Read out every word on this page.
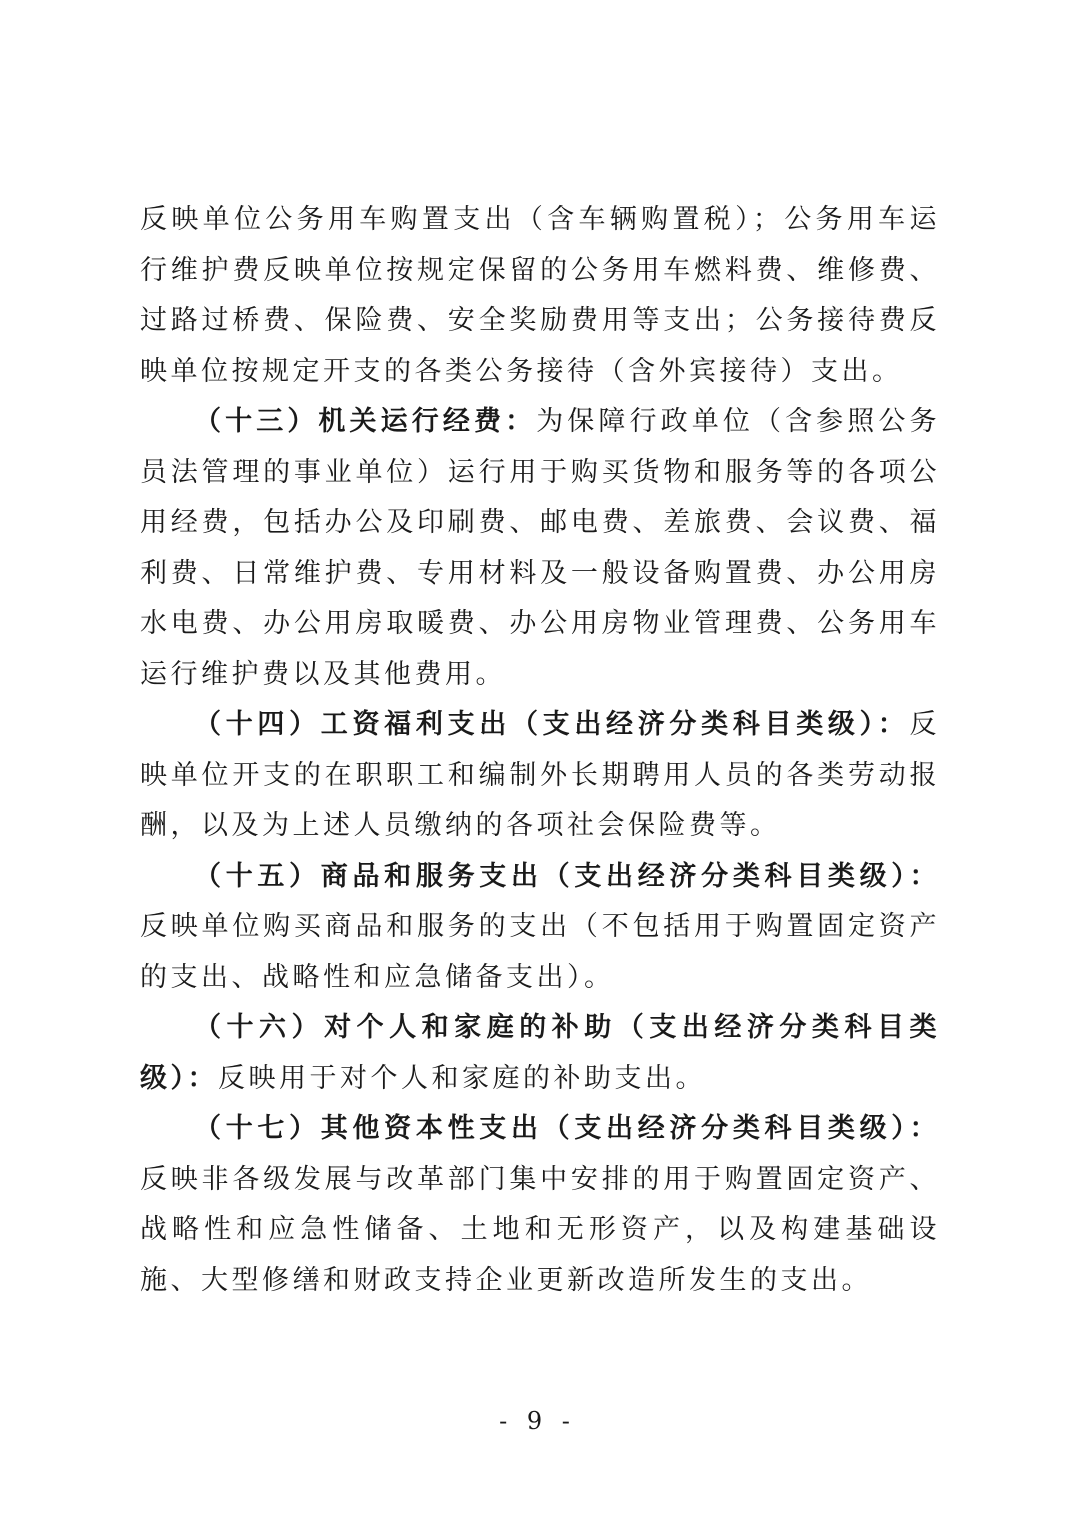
反映单位公务用车购置支出（含车辆购置税）；公务用车运行维护费反映单位按规定保留的公务用车燃料费、维修费、过路过桥费、保险费、安全奖励费用等支出；公务接待费反映单位按规定开支的各类公务接待（含外宾接待）支出。

（十三）机关运行经费：为保障行政单位（含参照公务员法管理的事业单位）运行用于购买货物和服务等的各项公用经费，包括办公及印刷费、邮电费、差旅费、会议费、福利费、日常维护费、专用材料及一般设备购置费、办公用房水电费、办公用房取暖费、办公用房物业管理费、公务用车运行维护费以及其他费用。

（十四）工资福利支出（支出经济分类科目类级）：反映单位开支的在职职工和编制外长期聘用人员的各类劳动报酬，以及为上述人员缴纳的各项社会保险费等。

（十五）商品和服务支出（支出经济分类科目类级）：反映单位购买商品和服务的支出（不包括用于购置固定资产的支出、战略性和应急储备支出）。

（十六）对个人和家庭的补助（支出经济分类科目类级）：反映用于对个人和家庭的补助支出。

（十七）其他资本性支出（支出经济分类科目类级）：反映非各级发展与改革部门集中安排的用于购置固定资产、战略性和应急性储备、土地和无形资产，以及构建基础设施、大型修缮和财政支持企业更新改造所发生的支出。

- 9 -
